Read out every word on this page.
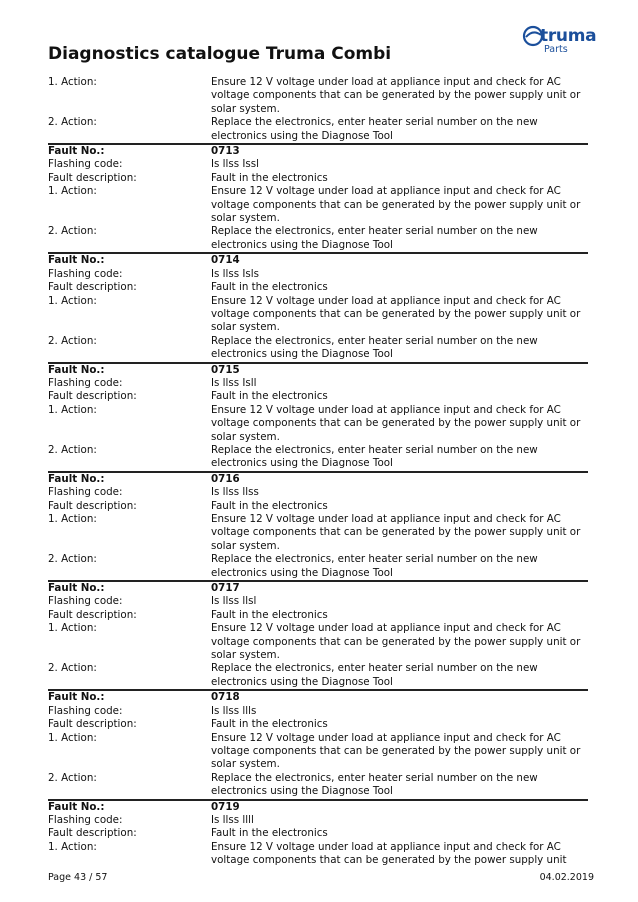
Diagnostics catalogue Truma Combi
truma
Parts
1. Action:	Ensure 12 V voltage under load at appliance input and check for AC voltage components that can be generated by the power supply unit or solar system.
2. Action:	Replace the electronics, enter heater serial number on the new electronics using the Diagnose Tool
Fault No.:	0713
Flashing code:	Is llss Issl
Fault description:	Fault in the electronics
1. Action:	Ensure 12 V voltage under load at appliance input and check for AC voltage components that can be generated by the power supply unit or solar system.
2. Action:	Replace the electronics, enter heater serial number on the new electronics using the Diagnose Tool
Fault No.:	0714
Flashing code:	Is llss Isls
Fault description:	Fault in the electronics
1. Action:	Ensure 12 V voltage under load at appliance input and check for AC voltage components that can be generated by the power supply unit or solar system.
2. Action:	Replace the electronics, enter heater serial number on the new electronics using the Diagnose Tool
Fault No.:	0715
Flashing code:	Is llss Isll
Fault description:	Fault in the electronics
1. Action:	Ensure 12 V voltage under load at appliance input and check for AC voltage components that can be generated by the power supply unit or solar system.
2. Action:	Replace the electronics, enter heater serial number on the new electronics using the Diagnose Tool
Fault No.:	0716
Flashing code:	Is llss llss
Fault description:	Fault in the electronics
1. Action:	Ensure 12 V voltage under load at appliance input and check for AC voltage components that can be generated by the power supply unit or solar system.
2. Action:	Replace the electronics, enter heater serial number on the new electronics using the Diagnose Tool
Fault No.:	0717
Flashing code:	Is llss llsl
Fault description:	Fault in the electronics
1. Action:	Ensure 12 V voltage under load at appliance input and check for AC voltage components that can be generated by the power supply unit or solar system.
2. Action:	Replace the electronics, enter heater serial number on the new electronics using the Diagnose Tool
Fault No.:	0718
Flashing code:	Is llss llls
Fault description:	Fault in the electronics
1. Action:	Ensure 12 V voltage under load at appliance input and check for AC voltage components that can be generated by the power supply unit or solar system.
2. Action:	Replace the electronics, enter heater serial number on the new electronics using the Diagnose Tool
Fault No.:	0719
Flashing code:	Is llss llll
Fault description:	Fault in the electronics
1. Action:	Ensure 12 V voltage under load at appliance input and check for AC voltage components that can be generated by the power supply unit
Page 43 / 57	04.02.2019
